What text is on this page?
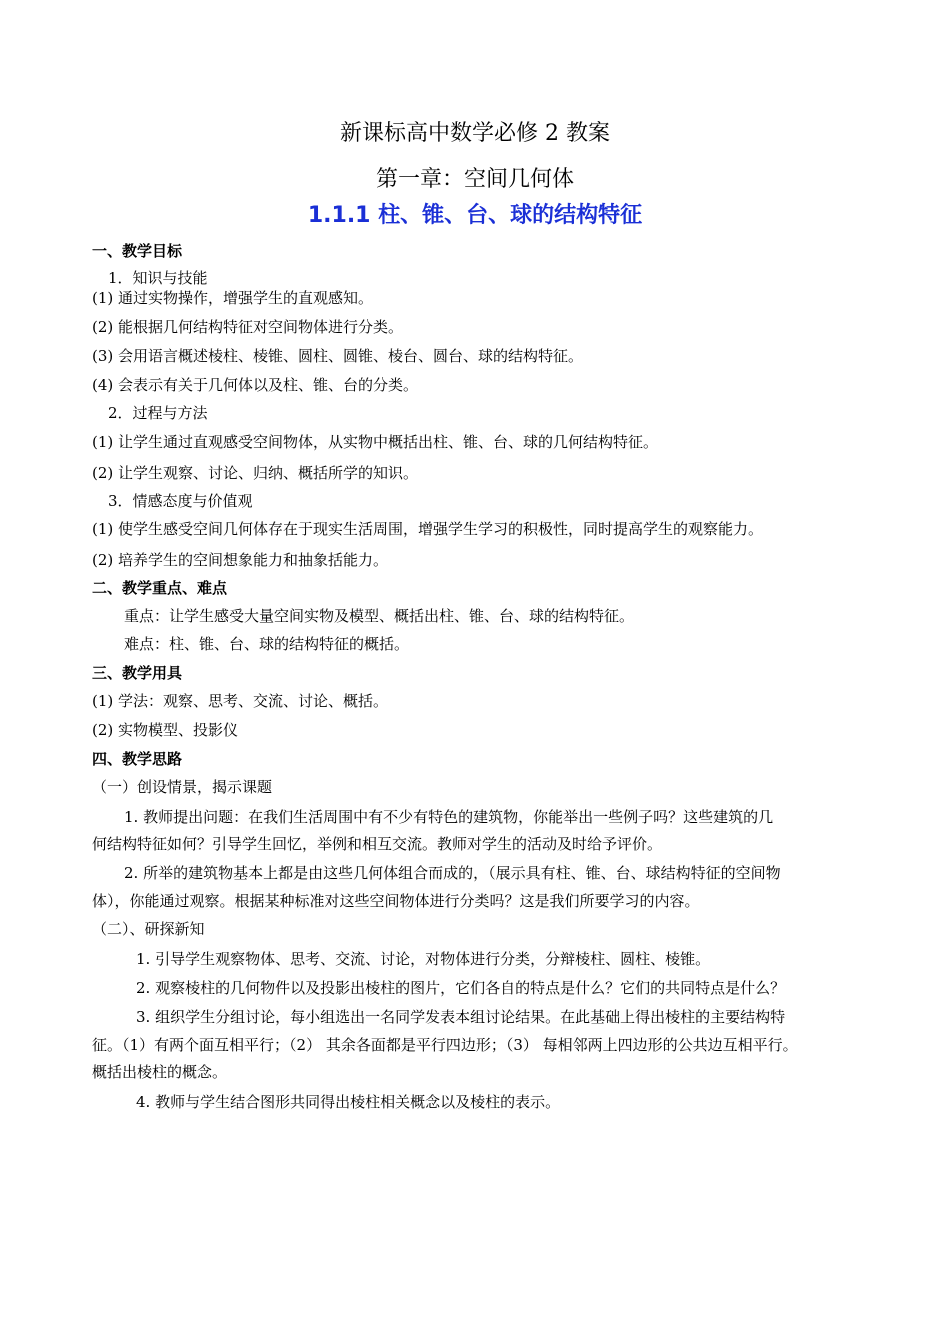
新课标高中数学必修 2 教案
第一章：空间几何体
1.1.1 柱、锥、台、球的结构特征
一、教学目标
1．知识与技能
(1) 通过实物操作，增强学生的直观感知。
(2) 能根据几何结构特征对空间物体进行分类。
(3) 会用语言概述棱柱、棱锥、圆柱、圆锥、棱台、圆台、球的结构特征。
(4) 会表示有关于几何体以及柱、锥、台的分类。
2．过程与方法
(1) 让学生通过直观感受空间物体，从实物中概括出柱、锥、台、球的几何结构特征。
(2) 让学生观察、讨论、归纳、概括所学的知识。
3．情感态度与价值观
(1) 使学生感受空间几何体存在于现实生活周围，增强学生学习的积极性，同时提高学生的观察能力。
(2) 培养学生的空间想象能力和抽象括能力。
二、教学重点、难点
重点：让学生感受大量空间实物及模型、概括出柱、锥、台、球的结构特征。
难点：柱、锥、台、球的结构特征的概括。
三、教学用具
(1) 学法：观察、思考、交流、讨论、概括。
(2) 实物模型、投影仪
四、教学思路
（一）创设情景，揭示课题
1. 教师提出问题：在我们生活周围中有不少有特色的建筑物，你能举出一些例子吗？这些建筑的几
何结构特征如何？引导学生回忆，举例和相互交流。教师对学生的活动及时给予评价。
2. 所举的建筑物基本上都是由这些几何体组合而成的，（展示具有柱、锥、台、球结构特征的空间物
体），你能通过观察。根据某种标准对这些空间物体进行分类吗？这是我们所要学习的内容。
（二）、研探新知
1. 引导学生观察物体、思考、交流、讨论，对物体进行分类，分辩棱柱、圆柱、棱锥。
2. 观察棱柱的几何物件以及投影出棱柱的图片，它们各自的特点是什么？它们的共同特点是什么？
3. 组织学生分组讨论，每小组选出一名同学发表本组讨论结果。在此基础上得出棱柱的主要结构特
征。（1）有两个面互相平行；（2） 其余各面都是平行四边形；（3） 每相邻两上四边形的公共边互相平行。
概括出棱柱的概念。
4. 教师与学生结合图形共同得出棱柱相关概念以及棱柱的表示。
